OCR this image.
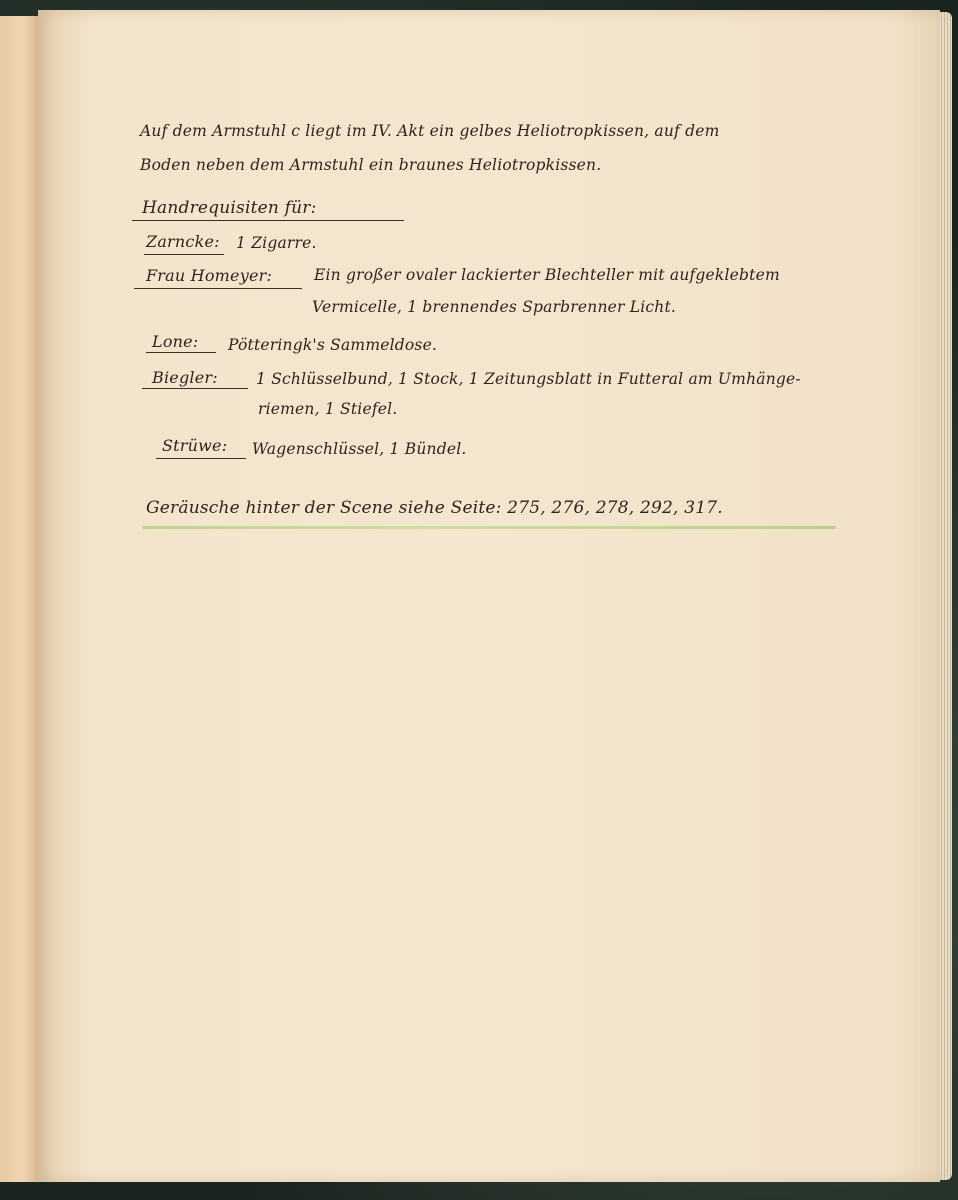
Auf dem Armstuhl c liegt im IV. Akt ein gelbes Heliotropkissen, auf dem
Boden neben dem Armstuhl ein braunes Heliotropkissen.
Handrequisiten für:
Zarncke: 1 Zigarre.
Frau Homeyer:	Ein großer ovaler lackierter Blechteller mit aufgeklebtem
Vermicelle, 1 brennendes Sparbrenner Licht.
Lone: Pötteringk's Sammeldose.
Biegler: 1 Schlüsselbund, 1 Stock, 1 Zeitungsblatt in Futteral am Umhänge-
riemen, 1 Stiefel.
Strüwe: Wagenschlüssel, 1 Bündel.
Geräusche hinter der Scene siehe Seite: 275, 276, 278, 292, 317.
